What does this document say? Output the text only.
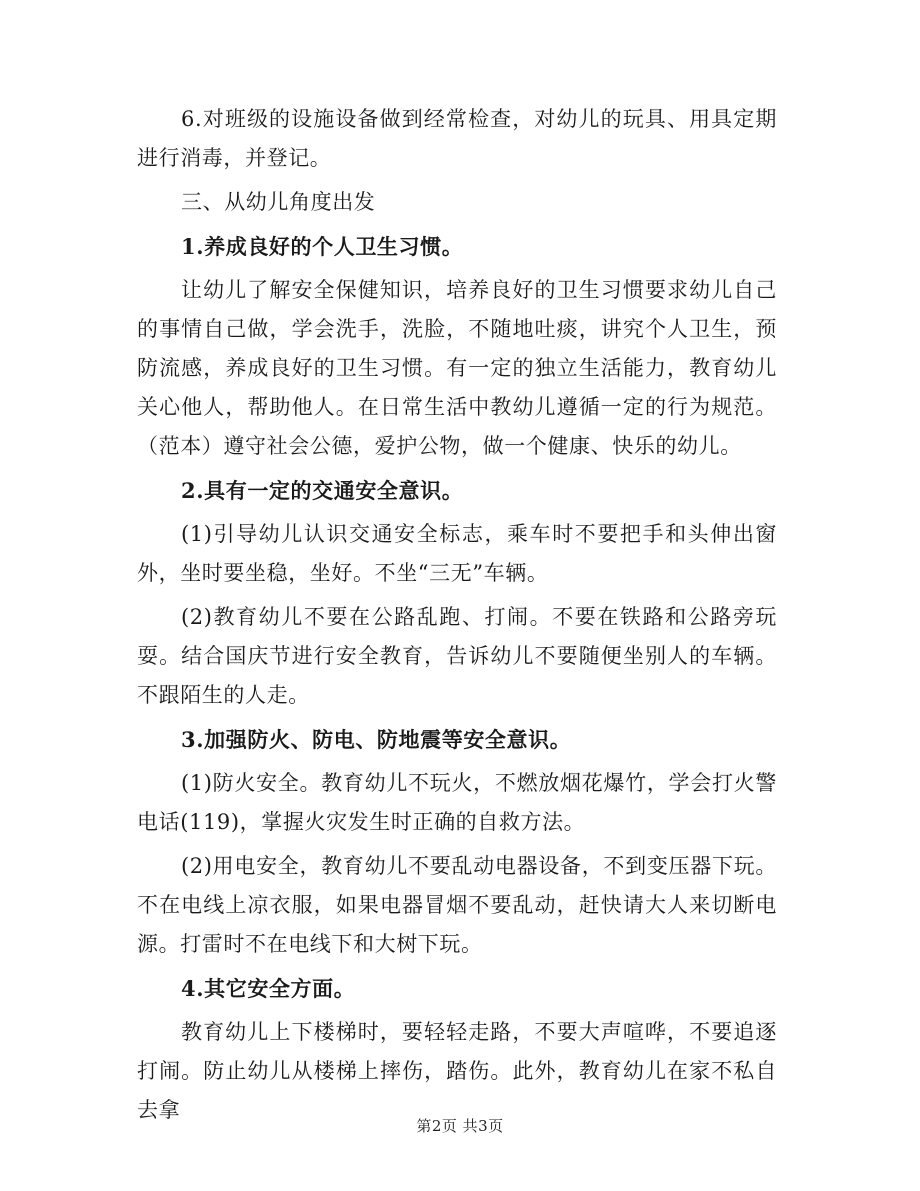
6.对班级的设施设备做到经常检查，对幼儿的玩具、用具定期进行消毒，并登记。

三、从幼儿角度出发

1.养成良好的个人卫生习惯。

让幼儿了解安全保健知识，培养良好的卫生习惯要求幼儿自己的事情自己做，学会洗手，洗脸，不随地吐痰，讲究个人卫生，预防流感，养成良好的卫生习惯。有一定的独立生活能力，教育幼儿关心他人，帮助他人。在日常生活中教幼儿遵循一定的行为规范。（范本）遵守社会公德，爱护公物，做一个健康、快乐的幼儿。

2.具有一定的交通安全意识。

(1)引导幼儿认识交通安全标志，乘车时不要把手和头伸出窗外，坐时要坐稳，坐好。不坐“三无”车辆。

(2)教育幼儿不要在公路乱跑、打闹。不要在铁路和公路旁玩耍。结合国庆节进行安全教育，告诉幼儿不要随便坐别人的车辆。不跟陌生的人走。

3.加强防火、防电、防地震等安全意识。

(1)防火安全。教育幼儿不玩火，不燃放烟花爆竹，学会打火警电话(119)，掌握火灾发生时正确的自救方法。

(2)用电安全，教育幼儿不要乱动电器设备，不到变压器下玩。不在电线上凉衣服，如果电器冒烟不要乱动，赶快请大人来切断电源。打雷时不在电线下和大树下玩。

4.其它安全方面。

教育幼儿上下楼梯时，要轻轻走路，不要大声喧哗，不要追逐打闹。防止幼儿从楼梯上摔伤，踏伤。此外，教育幼儿在家不私自去拿

第2页 共3页
